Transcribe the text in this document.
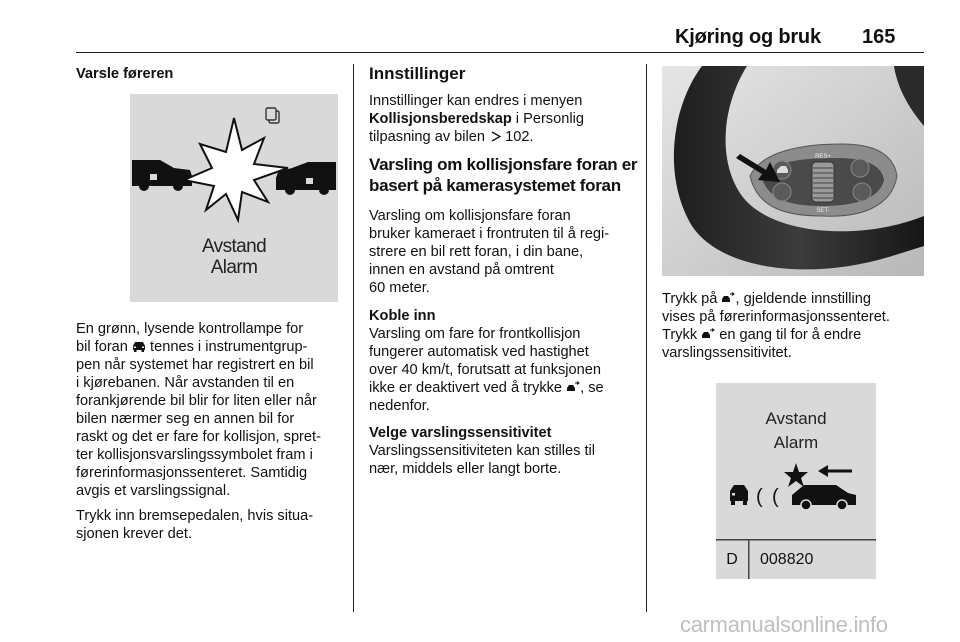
Kjøring og bruk 165

Varsle føreren

Avstand
Alarm

En grønn, lysende kontrollampe for

bil foran tennes i instrumentgrup-

pen når systemet har registrert en bil

i kjørebanen. Når avstanden til en

forankjørende bil blir for liten eller når

bilen nærmer seg en annen bil for

raskt og det er fare for kollisjon, spret-

ter kollisjonsvarslingssymbolet fram i

førerinformasjonssenteret. Samtidig

avgis et varslingssignal.

Trykk inn bremsepedalen, hvis situa-

sjonen krever det.

Innstillinger

Innstillinger kan endres i menyen

Kollisjonsberedskap i Personlig

tilpasning av bilen  102.

Varsling om kollisjonsfare foran er

basert på kamerasystemet foran

Varsling om kollisjonsfare foran

bruker kameraet i frontruten til å regi-

strere en bil rett foran, i din bane,

innen en avstand på omtrent

60 meter.

Koble inn

Varsling om fare for frontkollisjon

fungerer automatisk ved hastighet

over 40 km/t, forutsatt at funksjonen

ikke er deaktivert ved å trykke , se

nedenfor.

Velge varslingssensitivitet

Varslingssensitiviteten kan stilles til

nær, middels eller langt borte.

RES+
SET-

Trykk på , gjeldende innstilling

vises på førerinformasjonssenteret.

Trykk  en gang til for å endre

varslingssensitivitet.

( (
Avstand
Alarm
D	008820
carmanualsonline.info
